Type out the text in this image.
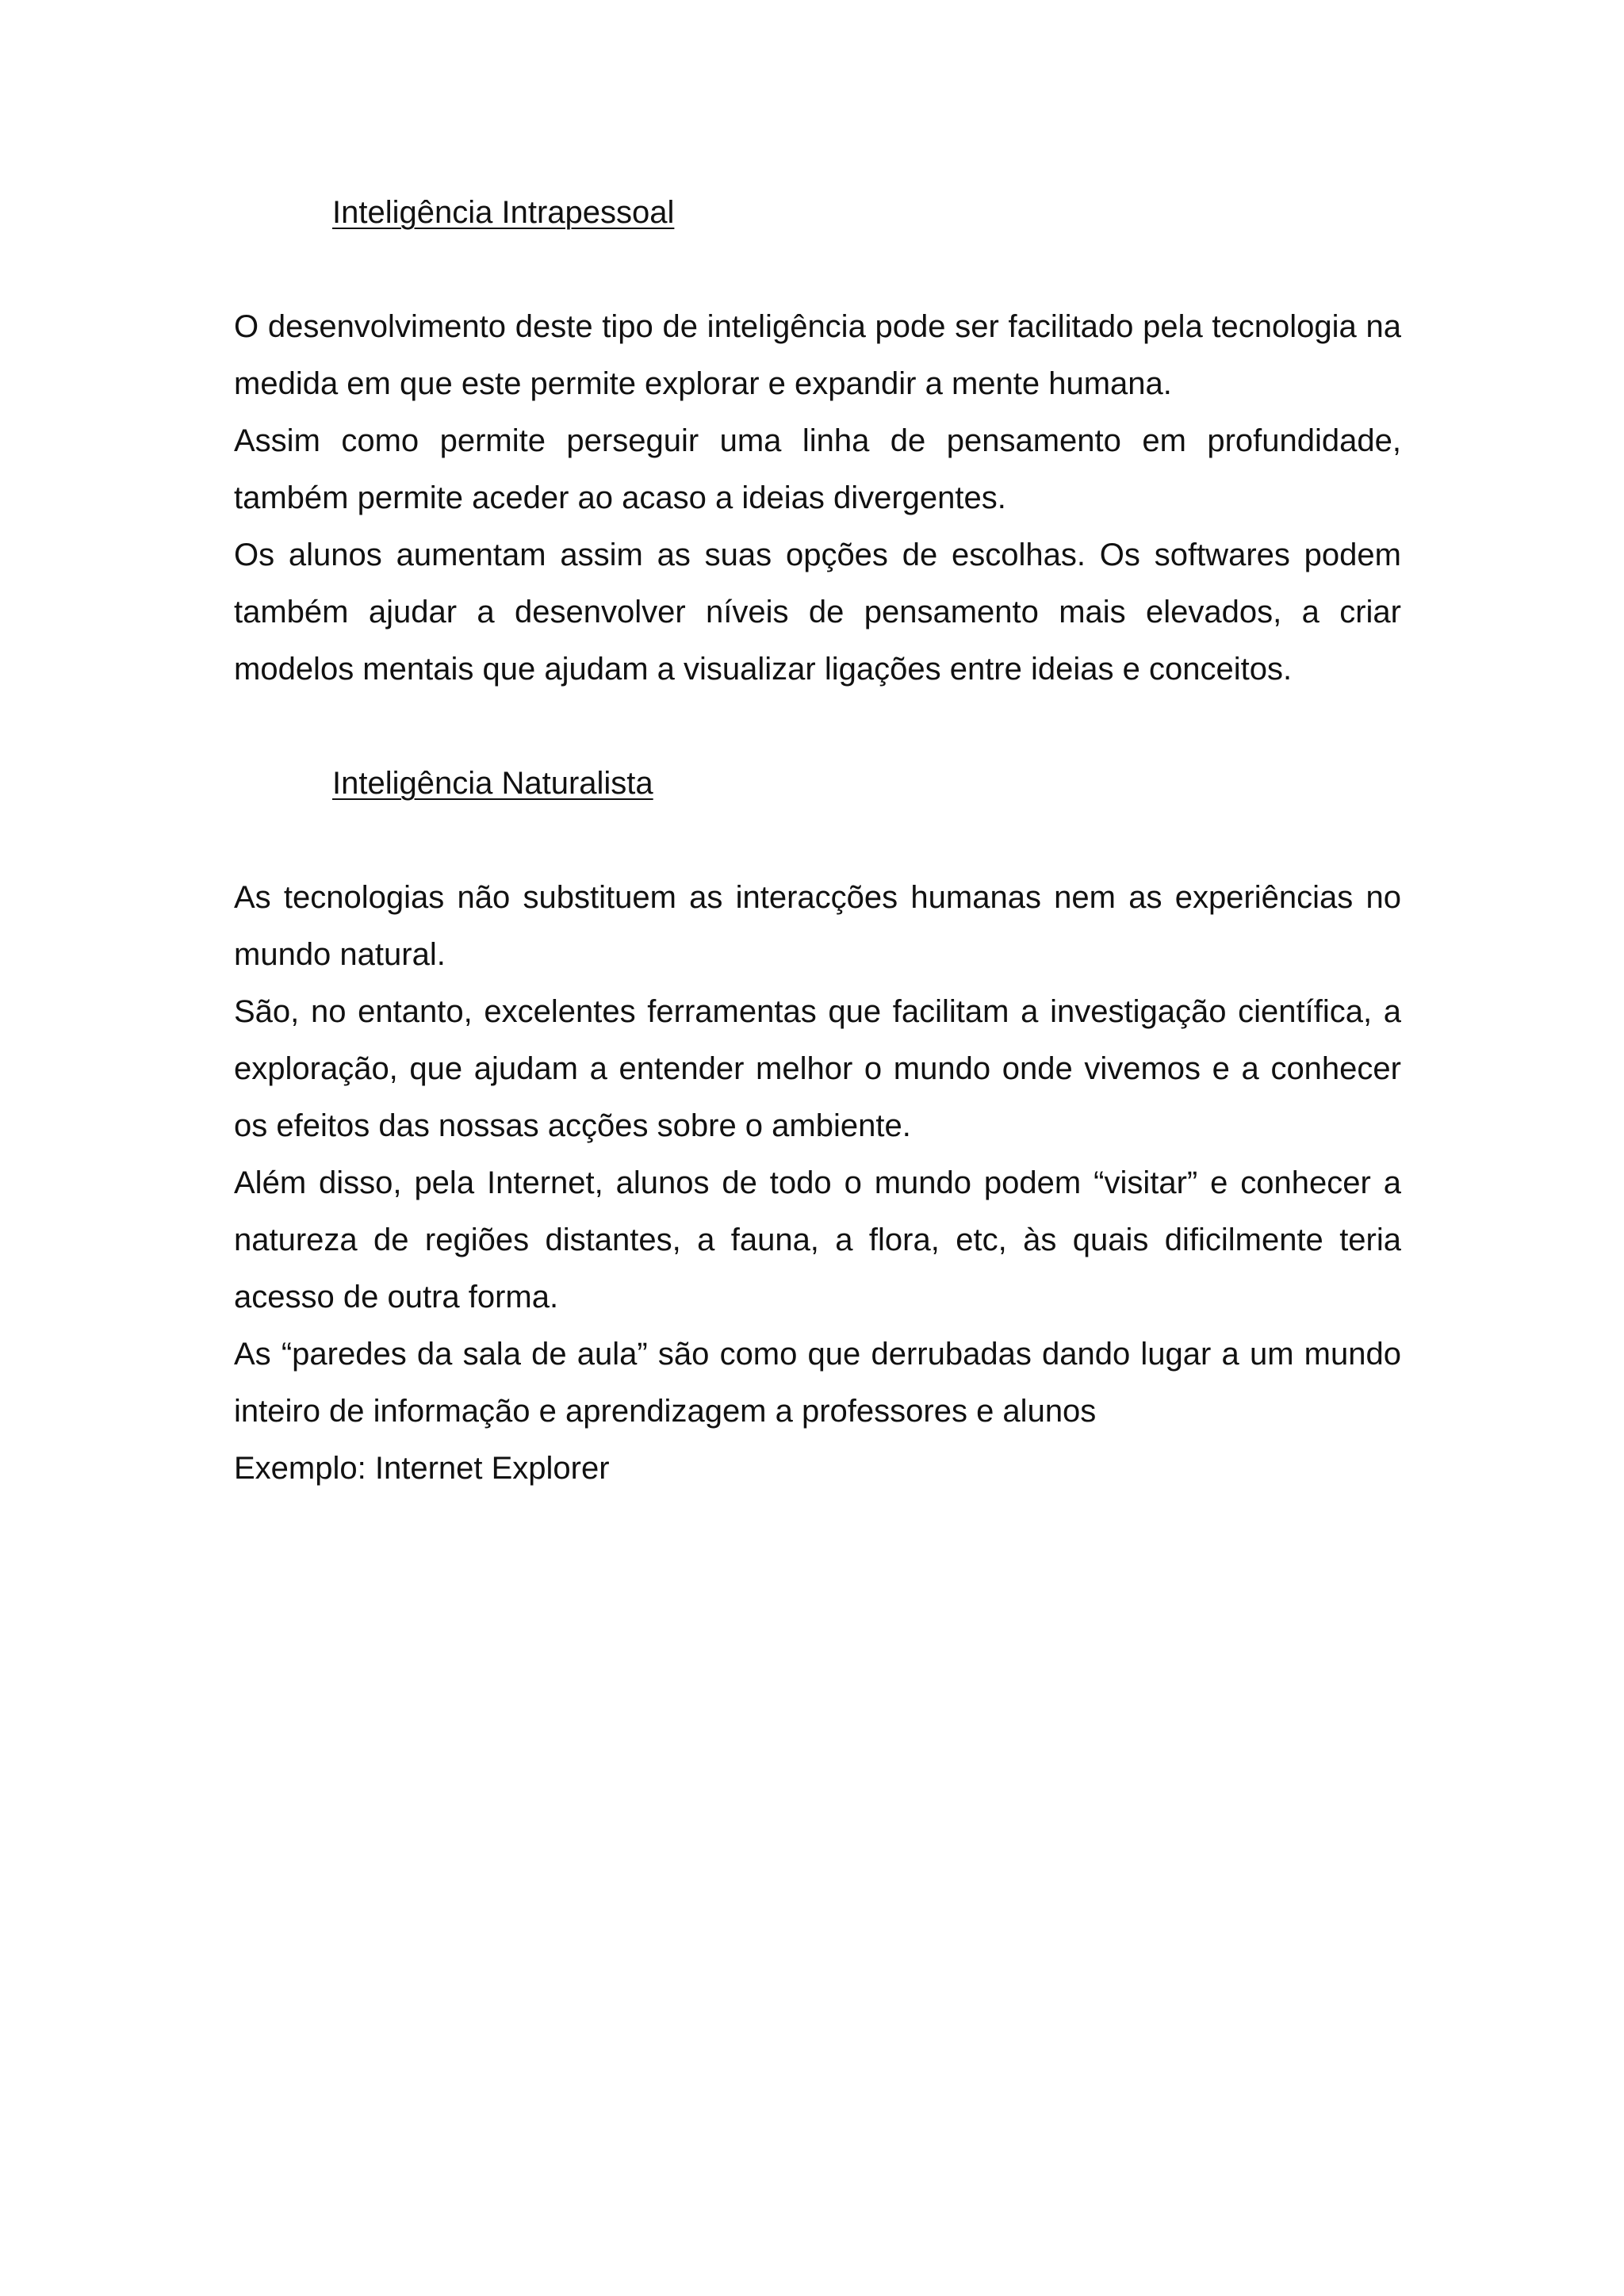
Inteligência Intrapessoal

O desenvolvimento deste tipo de inteligência pode ser facilitado pela tecnologia na medida em que este permite explorar e expandir a mente humana.

Assim como permite perseguir uma linha de pensamento em profundidade, também permite aceder ao acaso a ideias divergentes.

Os alunos aumentam assim as suas opções de escolhas. Os softwares podem também ajudar a desenvolver níveis de pensamento mais elevados, a criar modelos mentais que ajudam a visualizar ligações entre ideias e conceitos.

Inteligência Naturalista

As tecnologias não substituem as interacções humanas nem as experiências no mundo natural.

São, no entanto, excelentes ferramentas que facilitam a investigação científica, a exploração, que ajudam a entender melhor o mundo onde vivemos e a conhecer os efeitos das nossas acções sobre o ambiente.

Além disso, pela Internet, alunos de todo o mundo podem “visitar” e conhecer a natureza de regiões distantes, a fauna, a flora, etc, às quais dificilmente teria acesso de outra forma.

As “paredes da sala de aula” são como que derrubadas dando lugar a um mundo inteiro de informação e aprendizagem a professores e alunos

Exemplo: Internet Explorer
